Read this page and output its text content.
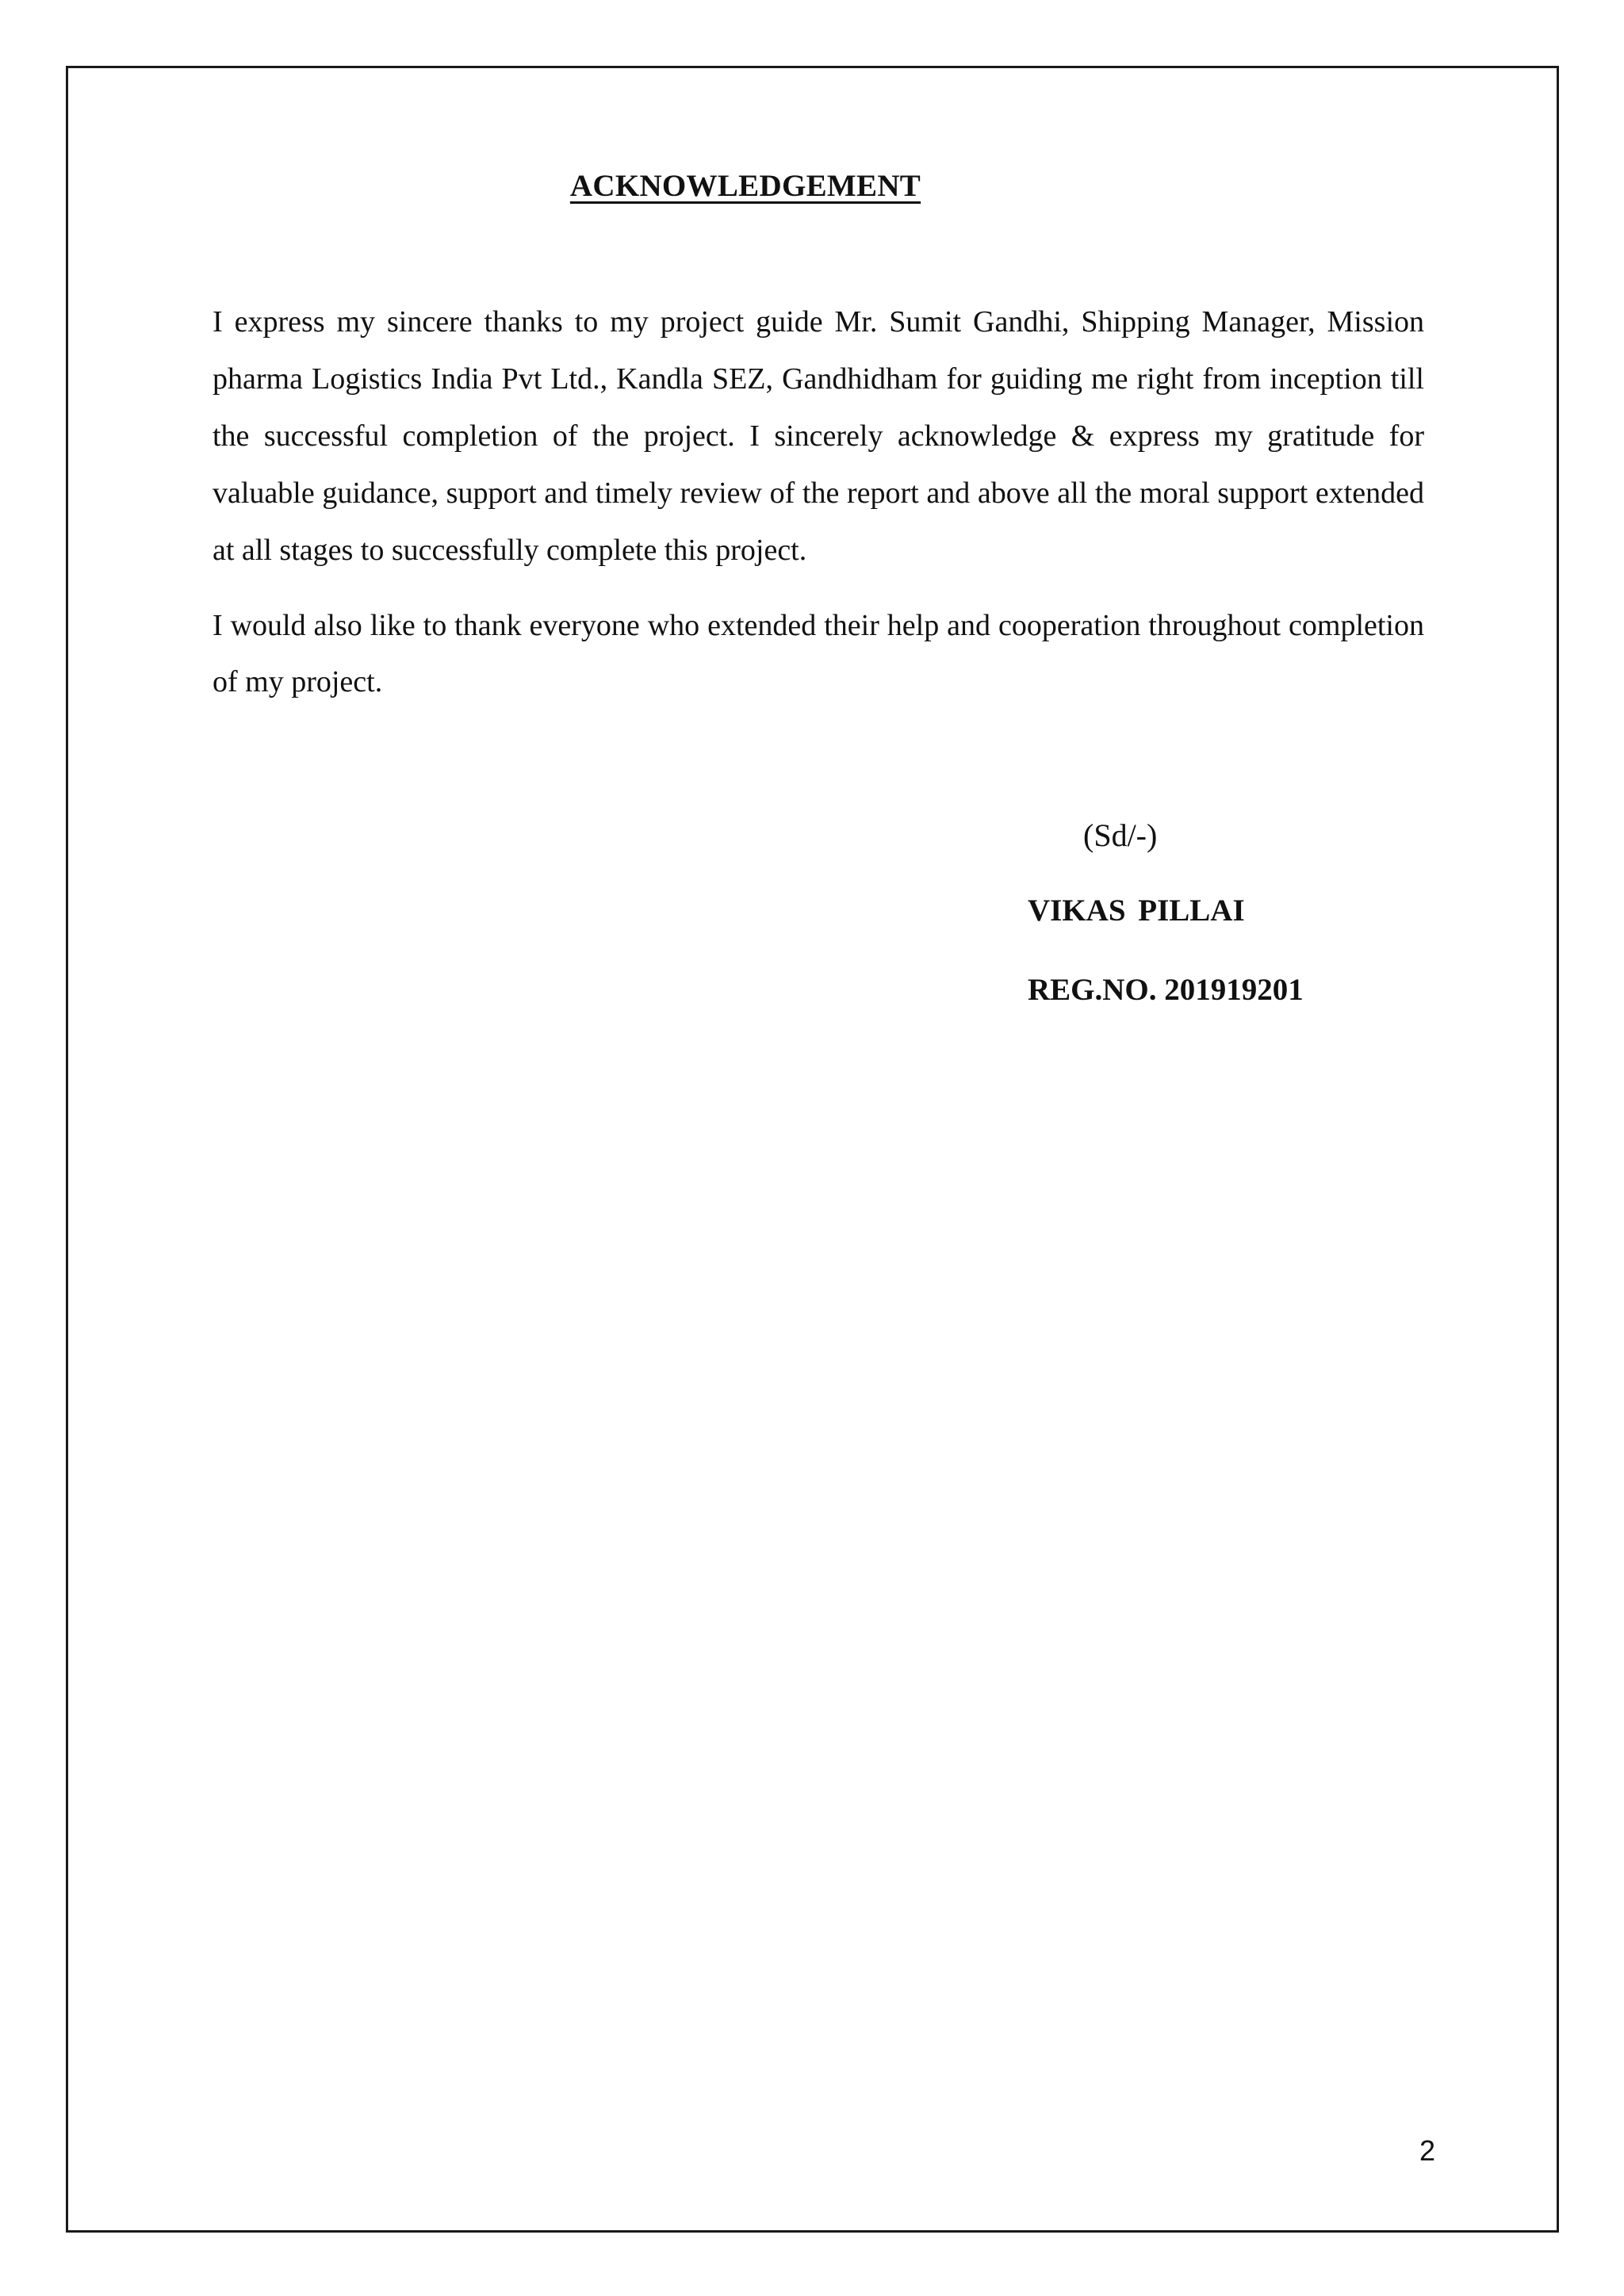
ACKNOWLEDGEMENT

I express my sincere thanks to my project guide Mr. Sumit Gandhi, Shipping Manager, Mission pharma Logistics India Pvt Ltd., Kandla SEZ, Gandhidham for guiding me right from inception till the successful completion of the project. I sincerely acknowledge & express my gratitude for valuable guidance, support and timely review of the report and above all the moral support extended at all stages to successfully complete this project.

I would also like to thank everyone who extended their help and cooperation throughout completion of my project.

(Sd/-)
VIKAS PILLAI
REG.NO. 201919201
2
